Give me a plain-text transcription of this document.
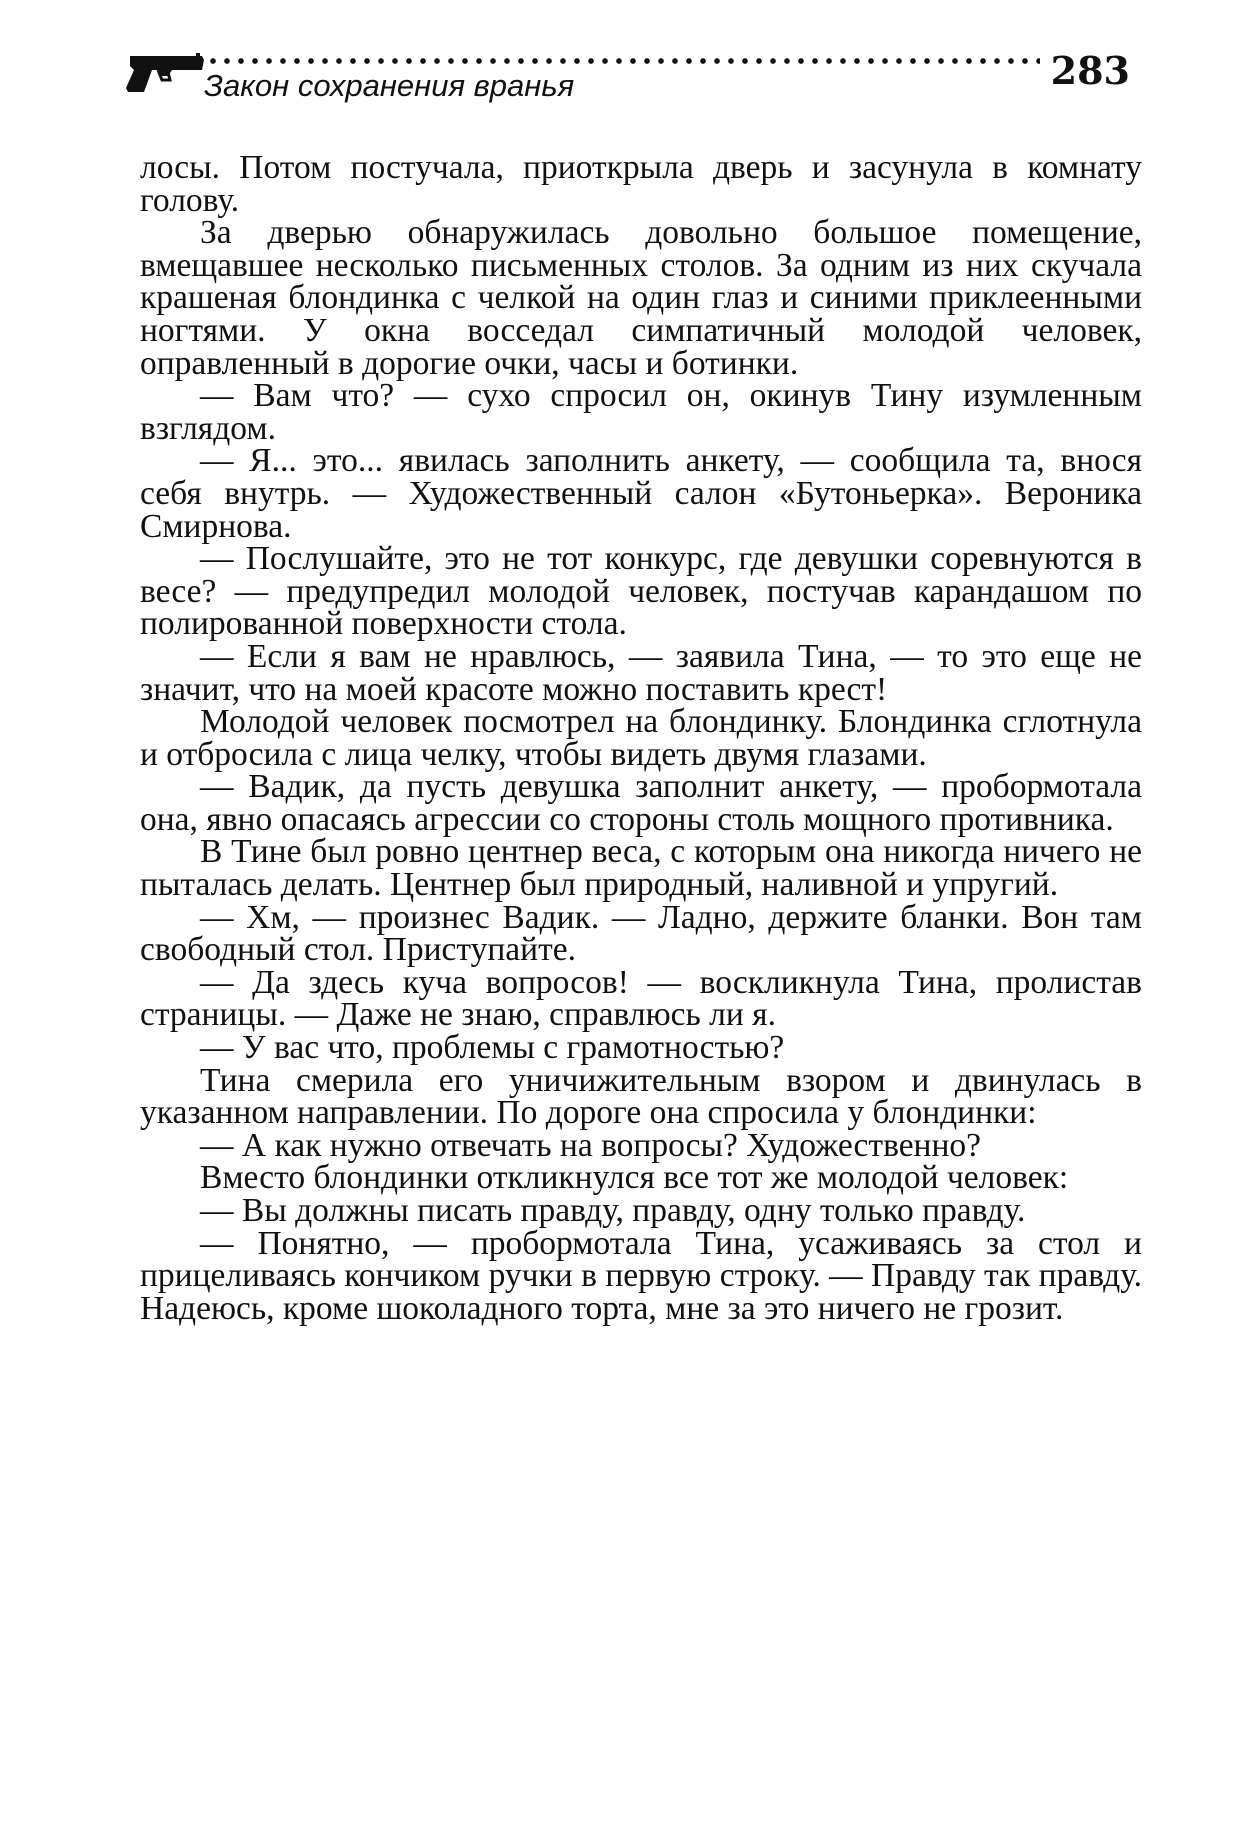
Закон сохранения вранья	283

лосы. Потом постучала, приоткрыла дверь и засунула в комнату голову.

За дверью обнаружилась довольно большое помещение, вмещавшее несколько письменных столов. За одним из них скучала крашеная блондинка с челкой на один глаз и синими приклеенными ногтями. У окна восседал симпатичный молодой человек, оправленный в дорогие очки, часы и ботинки.

— Вам что? — сухо спросил он, окинув Тину изумленным взглядом.

— Я... это... явилась заполнить анкету, — сообщила та, внося себя внутрь. — Художественный салон «Бутоньерка». Вероника Смирнова.

— Послушайте, это не тот конкурс, где девушки соревнуются в весе? — предупредил молодой человек, постучав карандашом по полированной поверхности стола.

— Если я вам не нравлюсь, — заявила Тина, — то это еще не значит, что на моей красоте можно поставить крест!

Молодой человек посмотрел на блондинку. Блондинка сглотнула и отбросила с лица челку, чтобы видеть двумя глазами.

— Вадик, да пусть девушка заполнит анкету, — пробормотала она, явно опасаясь агрессии со стороны столь мощного противника.

В Тине был ровно центнер веса, с которым она никогда ничего не пыталась делать. Центнер был природный, наливной и упругий.

— Хм, — произнес Вадик. — Ладно, держите бланки. Вон там свободный стол. Приступайте.

— Да здесь куча вопросов! — воскликнула Тина, пролистав страницы. — Даже не знаю, справлюсь ли я.

— У вас что, проблемы с грамотностью?

Тина смерила его уничижительным взором и двинулась в указанном направлении. По дороге она спросила у блондинки:

— А как нужно отвечать на вопросы? Художественно?

Вместо блондинки откликнулся все тот же молодой человек:

— Вы должны писать правду, правду, одну только правду.

— Понятно, — пробормотала Тина, усаживаясь за стол и прицеливаясь кончиком ручки в первую строку. — Правду так правду. Надеюсь, кроме шоколадного торта, мне за это ничего не грозит.
